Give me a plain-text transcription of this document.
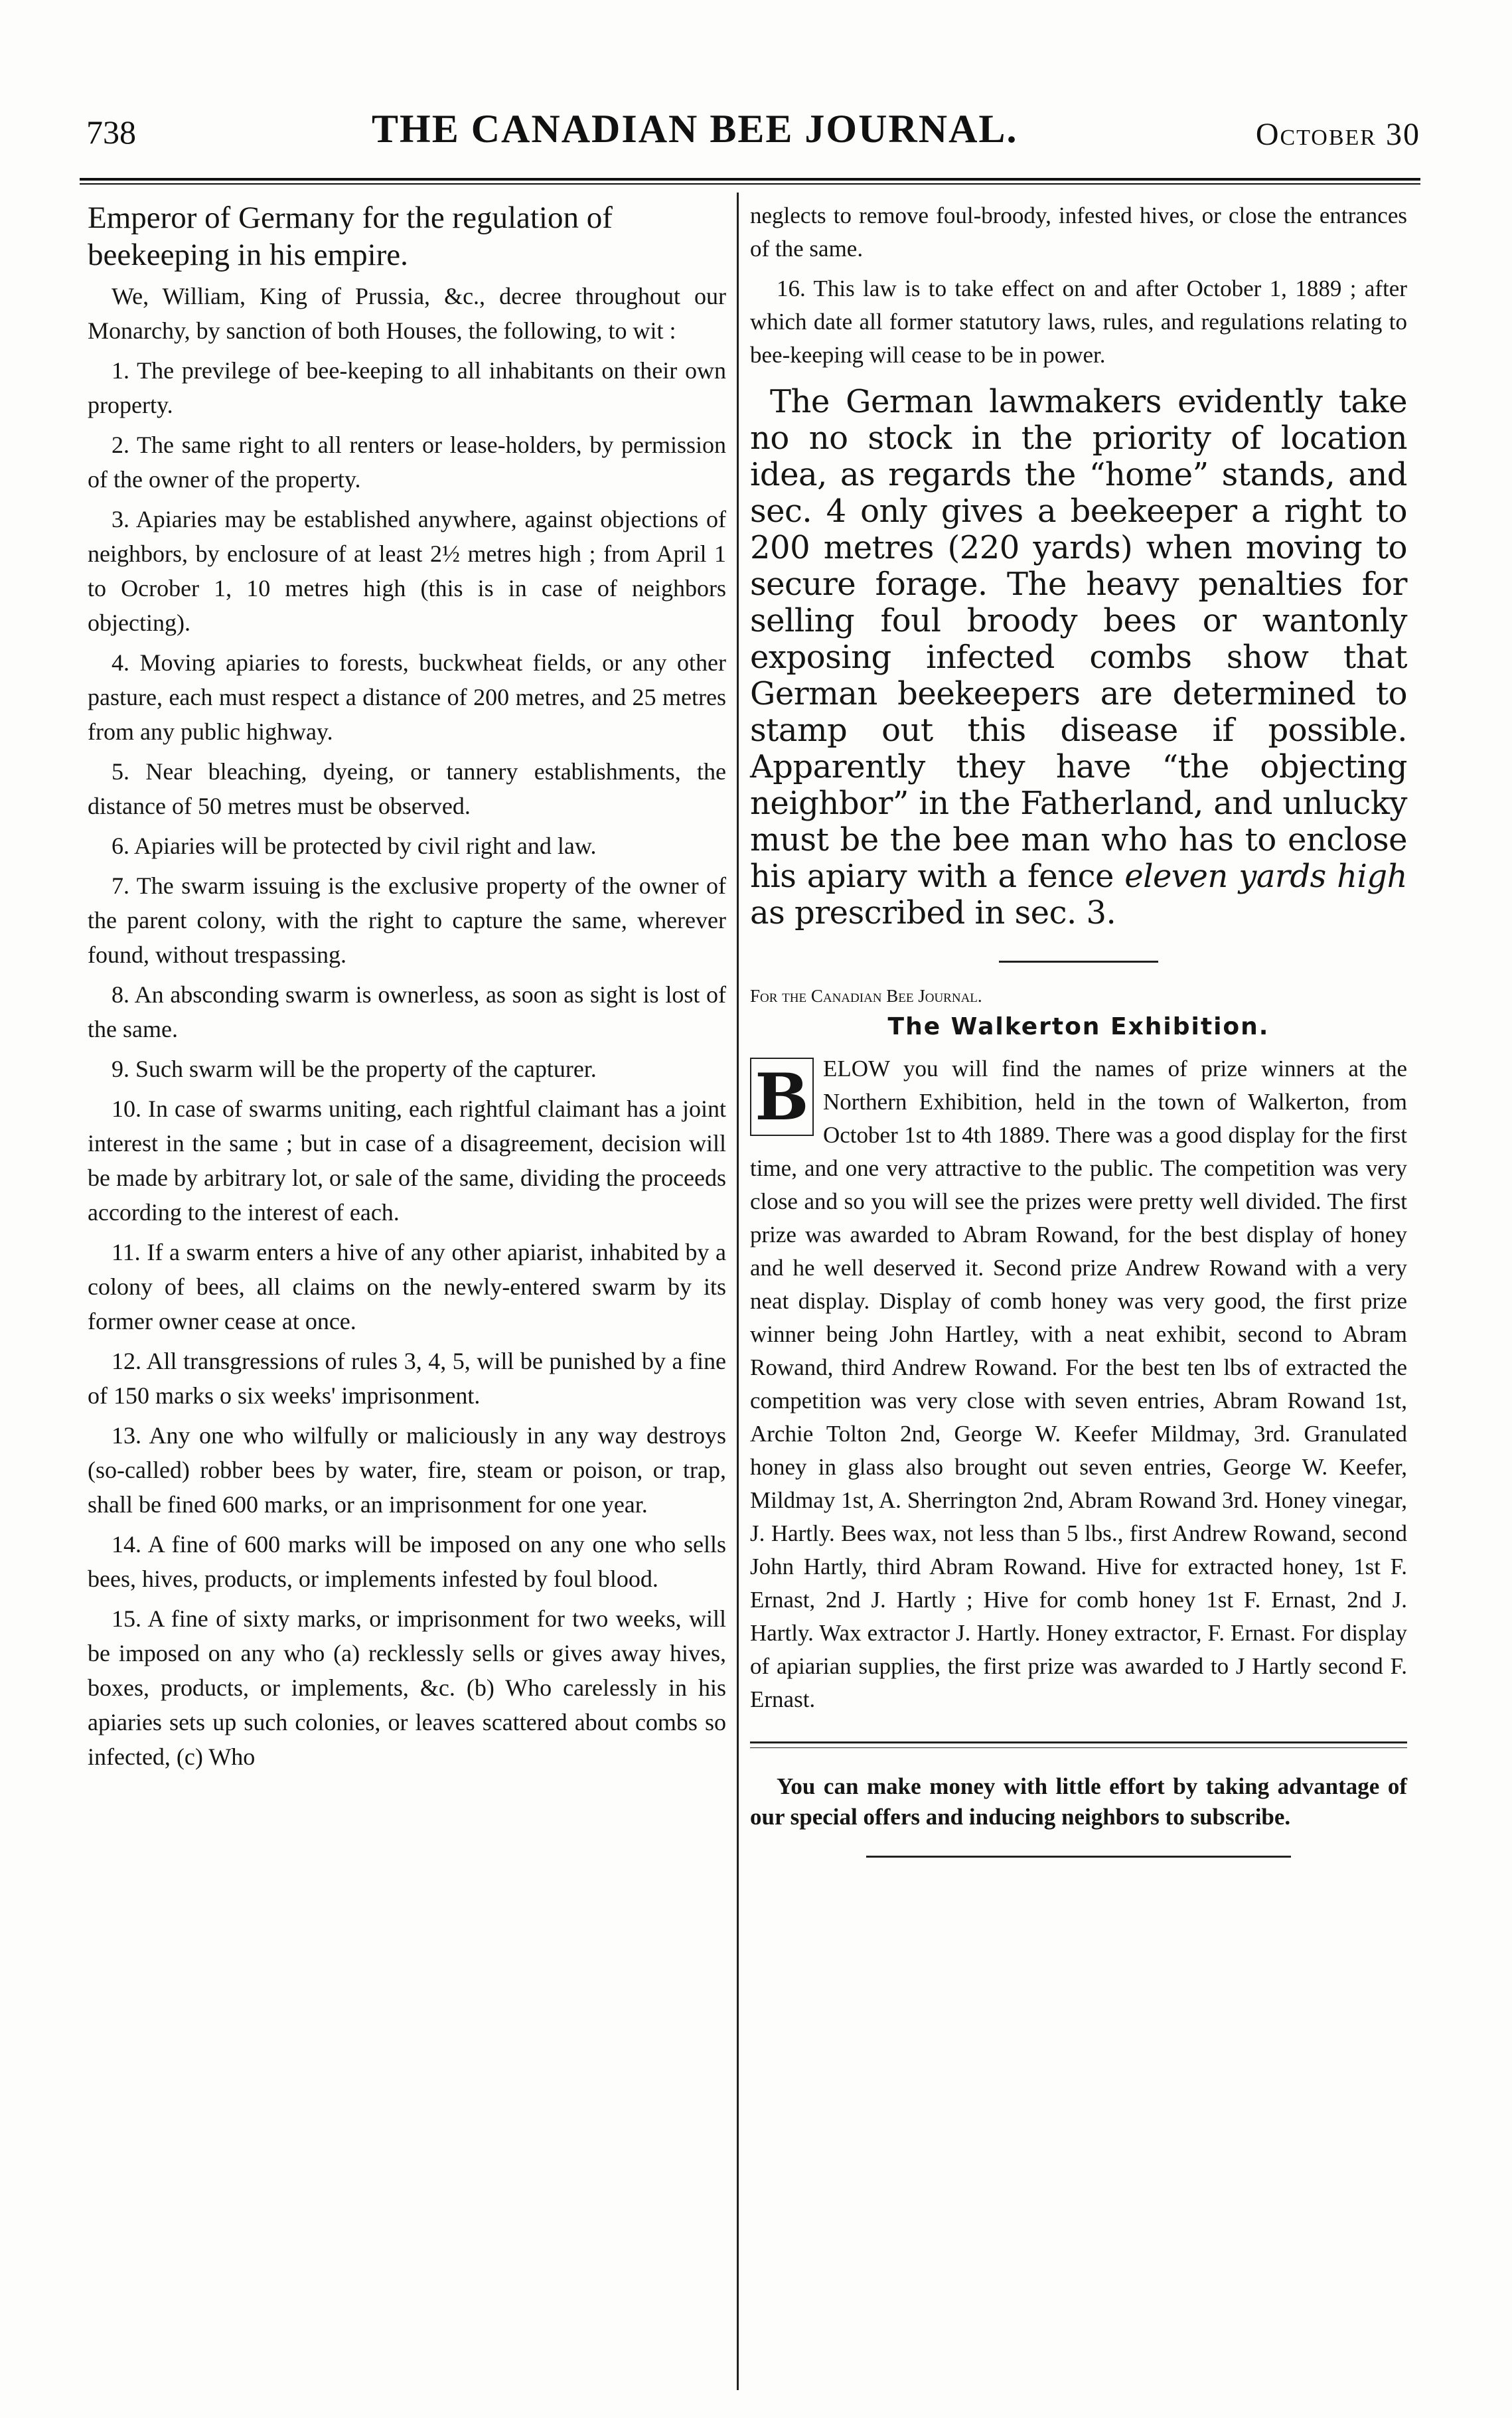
738	THE CANADIAN BEE JOURNAL.	October 30

Emperor of Germany for the regulation of beekeeping in his empire.

We, William, King of Prussia, &c., decree throughout our Monarchy, by sanction of both Houses, the following, to wit :

1. The previlege of bee-keeping to all inhabitants on their own property.

2. The same right to all renters or lease-holders, by permission of the owner of the property.

3. Apiaries may be established anywhere, against objections of neighbors, by enclosure of at least 2½ metres high ; from April 1 to Ocrober 1, 10 metres high (this is in case of neighbors objecting).

4. Moving apiaries to forests, buckwheat fields, or any other pasture, each must respect a distance of 200 metres, and 25 metres from any public highway.

5. Near bleaching, dyeing, or tannery establishments, the distance of 50 metres must be observed.

6. Apiaries will be protected by civil right and law.

7. The swarm issuing is the exclusive property of the owner of the parent colony, with the right to capture the same, wherever found, without trespassing.

8. An absconding swarm is ownerless, as soon as sight is lost of the same.

9. Such swarm will be the property of the capturer.

10. In case of swarms uniting, each rightful claimant has a joint interest in the same ; but in case of a disagreement, decision will be made by arbitrary lot, or sale of the same, dividing the proceeds according to the interest of each.

11. If a swarm enters a hive of any other apiarist, inhabited by a colony of bees, all claims on the newly-entered swarm by its former owner cease at once.

12. All transgressions of rules 3, 4, 5, will be punished by a fine of 150 marks o six weeks' imprisonment.

13. Any one who wilfully or maliciously in any way destroys (so-called) robber bees by water, fire, steam or poison, or trap, shall be fined 600 marks, or an imprisonment for one year.

14. A fine of 600 marks will be imposed on any one who sells bees, hives, products, or implements infested by foul blood.

15. A fine of sixty marks, or imprisonment for two weeks, will be imposed on any who (a) recklessly sells or gives away hives, boxes, products, or implements, &c. (b) Who carelessly in his apiaries sets up such colonies, or leaves scattered about combs so infected, (c) Who

neglects to remove foul-broody, infested hives, or close the entrances of the same.

16. This law is to take effect on and after October 1, 1889 ; after which date all former statutory laws, rules, and regulations relating to bee-keeping will cease to be in power.

The German lawmakers evidently take no no stock in the priority of location idea, as regards the “home” stands, and sec. 4 only gives a beekeeper a right to 200 metres (220 yards) when moving to secure forage. The heavy penalties for selling foul broody bees or wantonly exposing infected combs show that German beekeepers are determined to stamp out this disease if possible. Apparently they have “the objecting neighbor” in the Fatherland, and unlucky must be the bee man who has to enclose his apiary with a fence eleven yards high as prescribed in sec. 3.

For the Canadian Bee Journal.

The Walkerton Exhibition.

B ELOW you will find the names of prize winners at the Northern Exhibition, held in the town of Walkerton, from October 1st to 4th 1889. There was a good display for the first time, and one very attractive to the public. The competition was very close and so you will see the prizes were pretty well divided. The first prize was awarded to Abram Rowand, for the best display of honey and he well deserved it. Second prize Andrew Rowand with a very neat display. Display of comb honey was very good, the first prize winner being John Hartley, with a neat exhibit, second to Abram Rowand, third Andrew Rowand. For the best ten lbs of extracted the competition was very close with seven entries, Abram Rowand 1st, Archie Tolton 2nd, George W. Keefer Mildmay, 3rd. Granulated honey in glass also brought out seven entries, George W. Keefer, Mildmay 1st, A. Sherrington 2nd, Abram Rowand 3rd. Honey vinegar, J. Hartly. Bees wax, not less than 5 lbs., first Andrew Rowand, second John Hartly, third Abram Rowand. Hive for extracted honey, 1st F. Ernast, 2nd J. Hartly ; Hive for comb honey 1st F. Ernast, 2nd J. Hartly. Wax extractor J. Hartly. Honey extractor, F. Ernast. For display of apiarian supplies, the first prize was awarded to J Hartly second F. Ernast.

You can make money with little effort by taking advantage of our special offers and inducing neighbors to subscribe.
